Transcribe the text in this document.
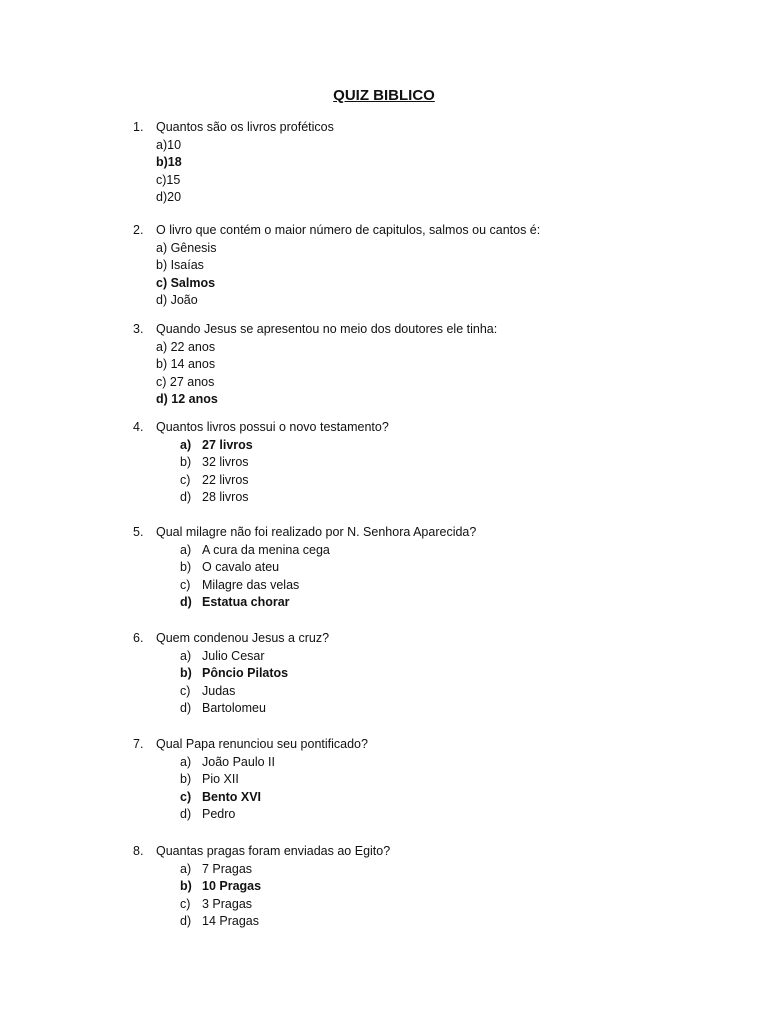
QUIZ BIBLICO
1. Quantos são os livros proféticos
a)10
b)18
c)15
d)20
2. O livro que contém o maior número de capitulos, salmos ou cantos é:
a) Gênesis
b) Isaías
c) Salmos
d) João
3. Quando Jesus se apresentou no meio dos doutores ele tinha:
a) 22 anos
b) 14 anos
c) 27 anos
d) 12 anos
4. Quantos livros possui o novo testamento?
a) 27 livros
b) 32 livros
c) 22 livros
d) 28 livros
5. Qual milagre não foi realizado por N. Senhora Aparecida?
a) A cura da menina cega
b) O cavalo ateu
c) Milagre das velas
d) Estatua chorar
6. Quem condenou Jesus a cruz?
a) Julio Cesar
b) Pôncio Pilatos
c) Judas
d) Bartolomeu
7. Qual Papa renunciou seu pontificado?
a) João Paulo II
b) Pio XII
c) Bento XVI
d) Pedro
8. Quantas pragas foram enviadas ao Egito?
a) 7 Pragas
b) 10 Pragas
c) 3 Pragas
d) 14 Pragas
